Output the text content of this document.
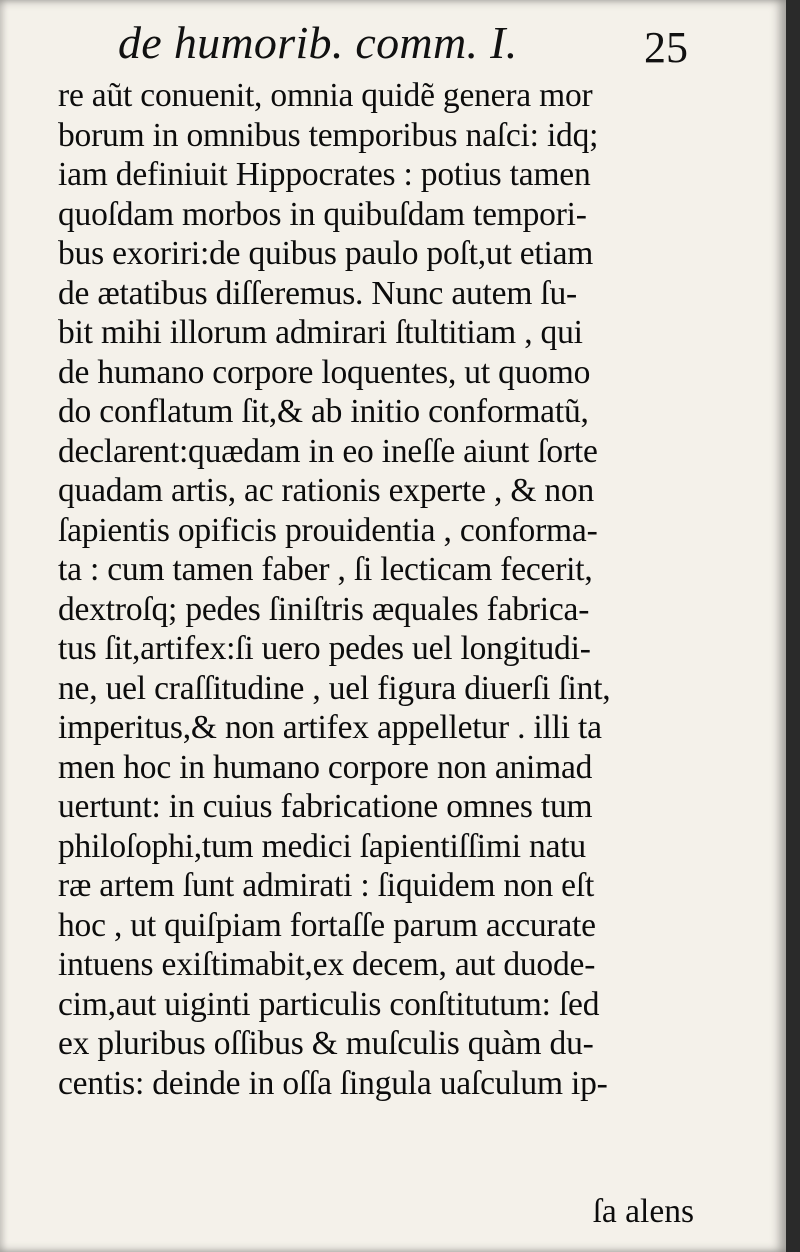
de humorib. comm. I.	25
re aũt conuenit, omnia quidẽ genera mor
borum in omnibus temporibus naſci: idq;
iam definiuit Hippocrates : potius tamen
quoſdam morbos in quibuſdam tempori-
bus exoriri:de quibus paulo poſt,ut etiam
de ætatibus diſſeremus. Nunc autem ſu-
bit mihi illorum admirari ſtultitiam , qui
de humano corpore loquentes, ut quomo
do conflatum ſit,& ab initio conformatũ,
declarent:quædam in eo ineſſe aiunt ſorte
quadam artis, ac rationis experte , & non
ſapientis opificis prouidentia , conforma-
ta : cum tamen faber , ſi lecticam fecerit,
dextroſq; pedes ſiniſtris æquales fabrica-
tus ſit,artifex:ſi uero pedes uel longitudi-
ne, uel craſſitudine , uel figura diuerſi ſint,
imperitus,& non artifex appelletur . illi ta
men hoc in humano corpore non animad
uertunt: in cuius fabricatione omnes tum
philoſophi,tum medici ſapientiſſimi natu
ræ artem ſunt admirati : ſiquidem non eſt
hoc , ut quiſpiam fortaſſe parum accurate
intuens exiſtimabit,ex decem, aut duode-
cim,aut uiginti particulis conſtitutum: ſed
ex pluribus oſſibus & muſculis quàm du-
centis: deinde in oſſa ſingula uaſculum ip-
ſa alens
